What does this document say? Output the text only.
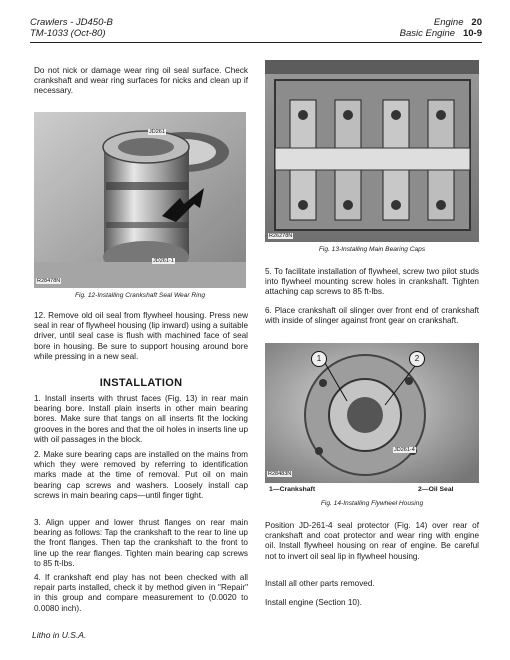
Crawlers - JD450-B
TM-1033 (Oct-80)
Engine 20
Basic Engine 10-9
Do not nick or damage wear ring oil seal surface. Check crankshaft and wear ring surfaces for nicks and clean up if necessary.
JD261
JD261-1
R28478N
Fig. 12-Installing Crankshaft Seal Wear Ring
12. Remove old oil seal from flywheel housing. Press new seal in rear of flywheel housing (lip inward) using a suitable driver, until seal case is flush with machined face of seal bore in housing. Be sure to support housing around bore while pressing in a new seal.
INSTALLATION
1. Install inserts with thrust faces (Fig. 13) in rear main bearing bore. Install plain inserts in other main bearing bores. Make sure that tangs on all inserts fit the locking grooves in the bores and that the oil holes in inserts line up with oil passages in the block.
2. Make sure bearing caps are installed on the mains from which they were removed by referring to identification marks made at the time of removal. Put oil on main bearing cap screws and washers. Loosely install cap screws in main bearing caps—until finger tight.
3. Align upper and lower thrust flanges on rear main bearing as follows: Tap the crankshaft to the rear to line up the front flanges. Then tap the crankshaft to the front to line up the rear flanges. Tighten main bearing cap screws to 85 ft-lbs.
4. If crankshaft end play has not been checked with all repair parts installed, check it by method given in "Repair" in this group and compare measurement to (0.0020 to 0.0080 inch).
R26278N
Fig. 13-Installing Main Bearing Caps
5. To facilitate installation of flywheel, screw two pilot studs into flywheel mounting screw holes in crankshaft. Tighten attaching cap screws to 85 ft-lbs.
6. Place crankshaft oil slinger over front end of crankshaft with inside of slinger against front gear on crankshaft.
1	2
JD261-4
R28483N
1—Crankshaft	2—Oil Seal
Fig. 14-Installing Flywheel Housing
Position JD-261-4 seal protector (Fig. 14) over rear of crankshaft and coat protector and wear ring with engine oil. Install flywheel housing on rear of engine. Be careful not to invert oil seal lip in flywheel housing.
Install all other parts removed.
Install engine (Section 10).
Litho in U.S.A.
